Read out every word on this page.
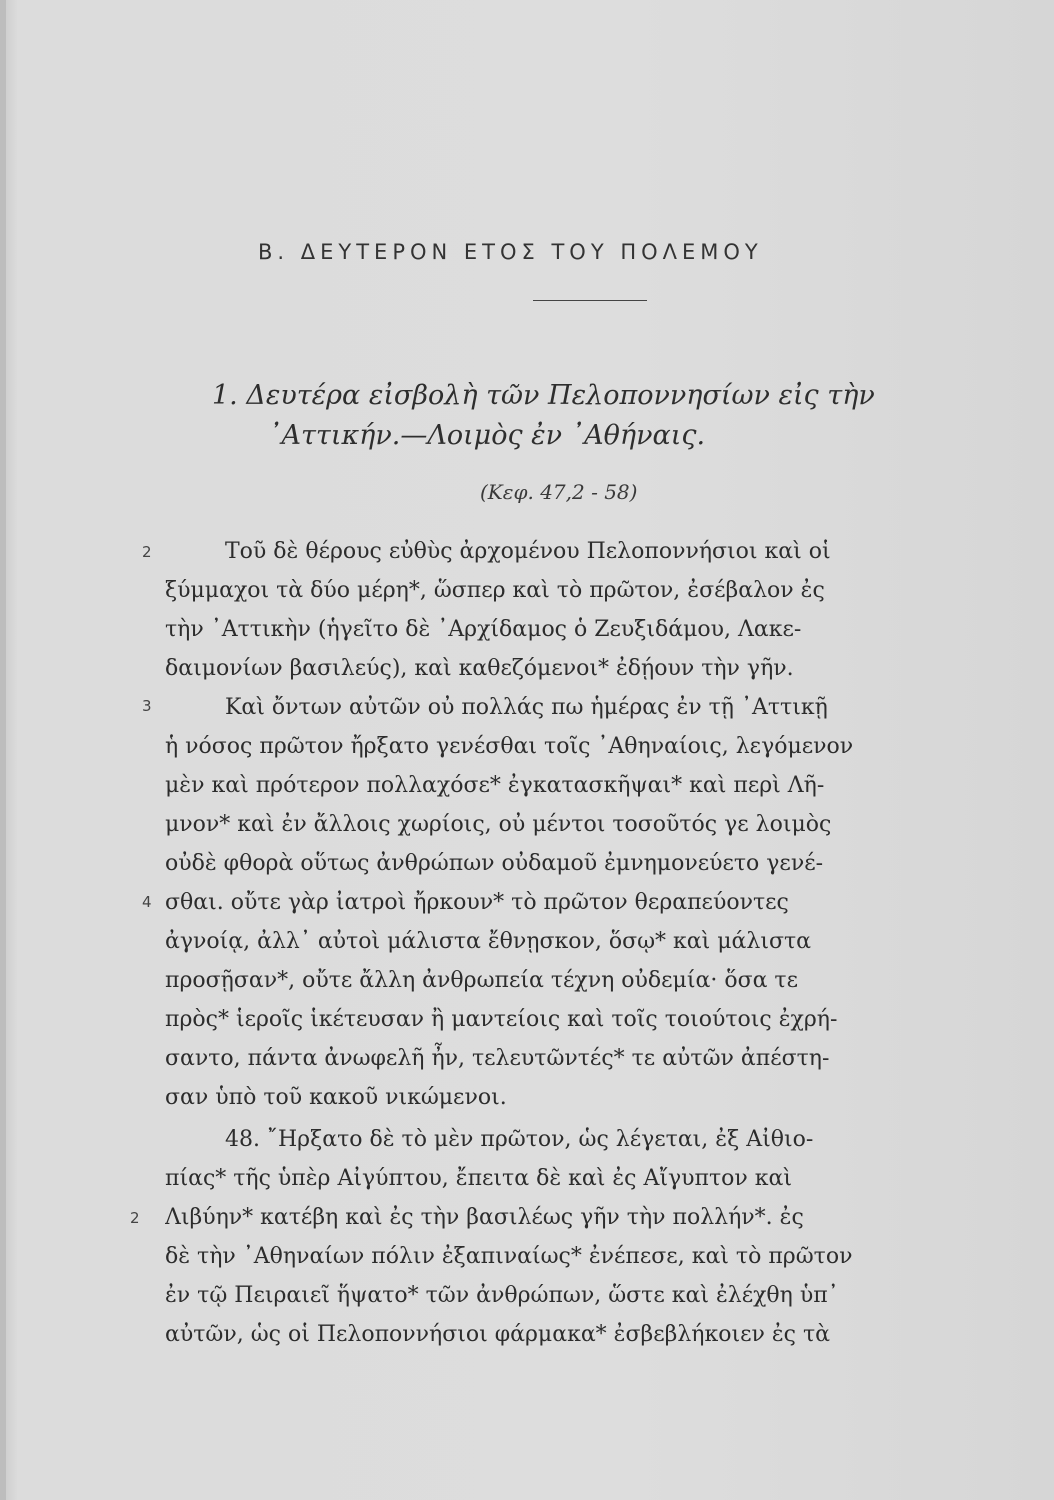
Β. ΔΕΥΤΕΡΟΝ ΕΤΟΣ ΤΟΥ ΠΟΛΕΜΟΥ
1. Δευτέρα εἰσβολὴ τῶν Πελοποννησίων εἰς τὴν
᾿Αττικήν.—Λοιμὸς ἐν ᾿Αθήναις.
(Κεφ. 47,2 - 58)
2
3
4
2
Τοῦ δὲ θέρους εὐθὺς ἀρχομένου Πελοποννήσιοι καὶ οἱ
ξύμμαχοι τὰ δύο μέρη*, ὥσπερ καὶ τὸ πρῶτον, ἐσέβαλον ἐς
τὴν ᾿Αττικὴν (ἡγεῖτο δὲ ᾿Αρχίδαμος ὁ Ζευξιδάμου, Λακε-
δαιμονίων βασιλεύς), καὶ καθεζόμενοι* ἐδῄουν τὴν γῆν.
Καὶ ὄντων αὐτῶν οὐ πολλάς πω ἡμέρας ἐν τῇ ᾿Αττικῇ
ἡ νόσος πρῶτον ἤρξατο γενέσθαι τοῖς ᾿Αθηναίοις, λεγόμενον
μὲν καὶ πρότερον πολλαχόσε* ἐγκατασκῆψαι* καὶ περὶ Λῆ-
μνον* καὶ ἐν ἄλλοις χωρίοις, οὐ μέντοι τοσοῦτός γε λοιμὸς
οὐδὲ φθορὰ οὕτως ἀνθρώπων οὐδαμοῦ ἐμνημονεύετο γενέ-
σθαι. οὔτε γὰρ ἰατροὶ ἤρκουν* τὸ πρῶτον θεραπεύοντες
ἀγνοίᾳ, ἀλλ᾿ αὐτοὶ μάλιστα ἔθνῃσκον, ὅσῳ* καὶ μάλιστα
προσῇσαν*, οὔτε ἄλλη ἀνθρωπεία τέχνη οὐδεμία· ὅσα τε
πρὸς* ἱεροῖς ἱκέτευσαν ἢ μαντείοις καὶ τοῖς τοιούτοις ἐχρή-
σαντο, πάντα ἀνωφελῆ ἦν, τελευτῶντές* τε αὐτῶν ἀπέστη-
σαν ὑπὸ τοῦ κακοῦ νικώμενοι.
48. ῎Ηρξατο δὲ τὸ μὲν πρῶτον, ὡς λέγεται, ἐξ Αἰθιο-
πίας* τῆς ὑπὲρ Αἰγύπτου, ἔπειτα δὲ καὶ ἐς Αἴγυπτον καὶ
Λιβύην* κατέβη καὶ ἐς τὴν βασιλέως γῆν τὴν πολλήν*. ἐς
δὲ τὴν ᾿Αθηναίων πόλιν ἐξαπιναίως* ἐνέπεσε, καὶ τὸ πρῶτον
ἐν τῷ Πειραιεῖ ἥψατο* τῶν ἀνθρώπων, ὥστε καὶ ἐλέχθη ὑπ᾿
αὐτῶν, ὡς οἱ Πελοποννήσιοι φάρμακα* ἐσβεβλήκοιεν ἐς τὰ
